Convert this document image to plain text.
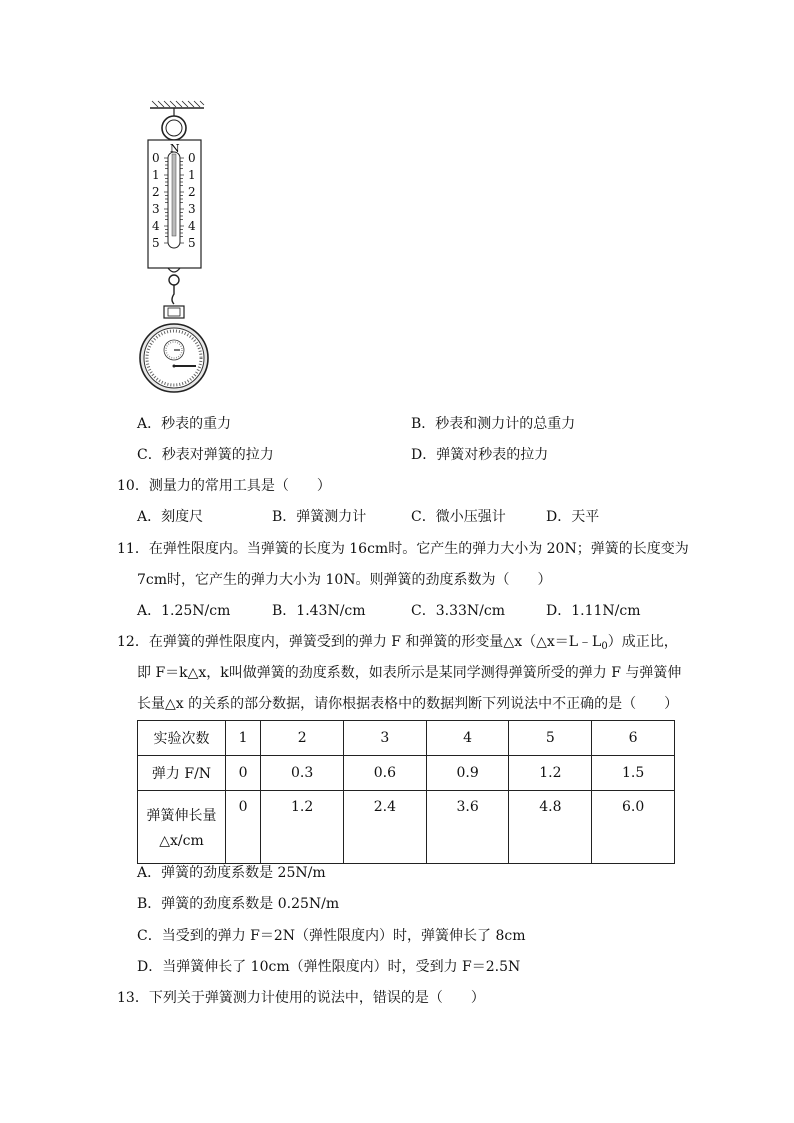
N
0
1
2
3
4
5
0
1
2
3
4
5
A．秒表的重力	B．秒表和测力计的总重力
C．秒表对弹簧的拉力	D．弹簧对秒表的拉力
10．测量力的常用工具是（　　）
A．刻度尺	B．弹簧测力计	C．微小压强计	D．天平
11．在弹性限度内。当弹簧的长度为 16cm时。它产生的弹力大小为 20N；弹簧的长度变为
7cm时，它产生的弹力大小为 10N。则弹簧的劲度系数为（　　）
A．1.25N/cm	B．1.43N/cm	C．3.33N/cm	D．1.11N/cm
12．在弹簧的弹性限度内，弹簧受到的弹力 F 和弹簧的形变量$\triangle x(\triangle x=L﹣L_0)$成正比，
即 F＝k△x，k叫做弹簧的劲度系数，如表所示是某同学测得弹簧所受的弹力 F 与弹簧伸
长量△x 的关系的部分数据，请你根据表格中的数据判断下列说法中不正确的是（　　）
实验次数	1	2	3	4	5	6
弹力 F/N	0	0.3	0.6	0.9	1.2	1.5

弹簧伸长量
△x/cm	0	1.2	2.4	3.6	4.8	6.0
A．弹簧的劲度系数是 25N/m
B．弹簧的劲度系数是 0.25N/m
C．当受到的弹力 F＝2N（弹性限度内）时，弹簧伸长了 8cm
D．当弹簧伸长了 10cm（弹性限度内）时，受到力 F＝2.5N
13．下列关于弹簧测力计使用的说法中，错误的是（　　）
